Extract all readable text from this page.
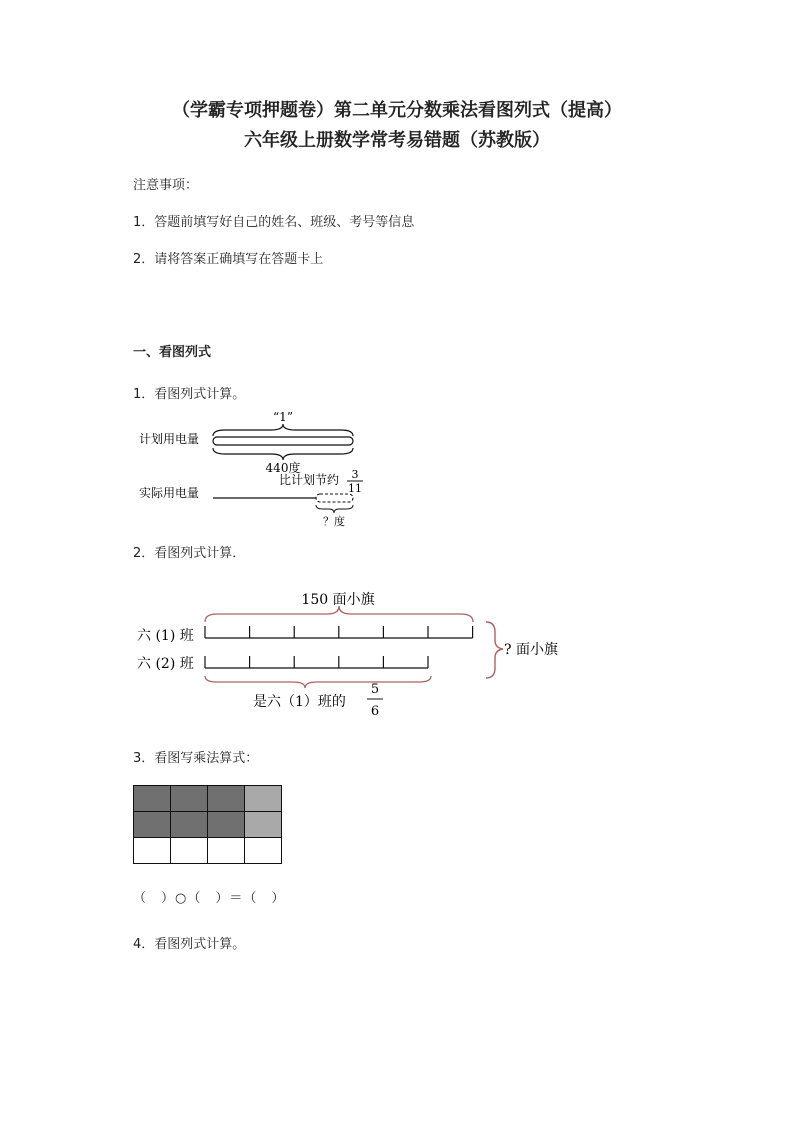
（学霸专项押题卷）第二单元分数乘法看图列式（提高）
六年级上册数学常考易错题（苏教版）
注意事项：
1．答题前填写好自己的姓名、班级、考号等信息
2．请将答案正确填写在答题卡上
一、看图列式
1．看图列式计算。
计划用电量
实际用电量
“1”
440度
比计划节约 3
11
？度
2．看图列式计算．
150 面小旗
六 (1) 班
六 (2) 班
? 面小旗
是六（1）班的
5
6
3．看图写乘法算式：

（　）○（　）＝（　）
4．看图列式计算。
